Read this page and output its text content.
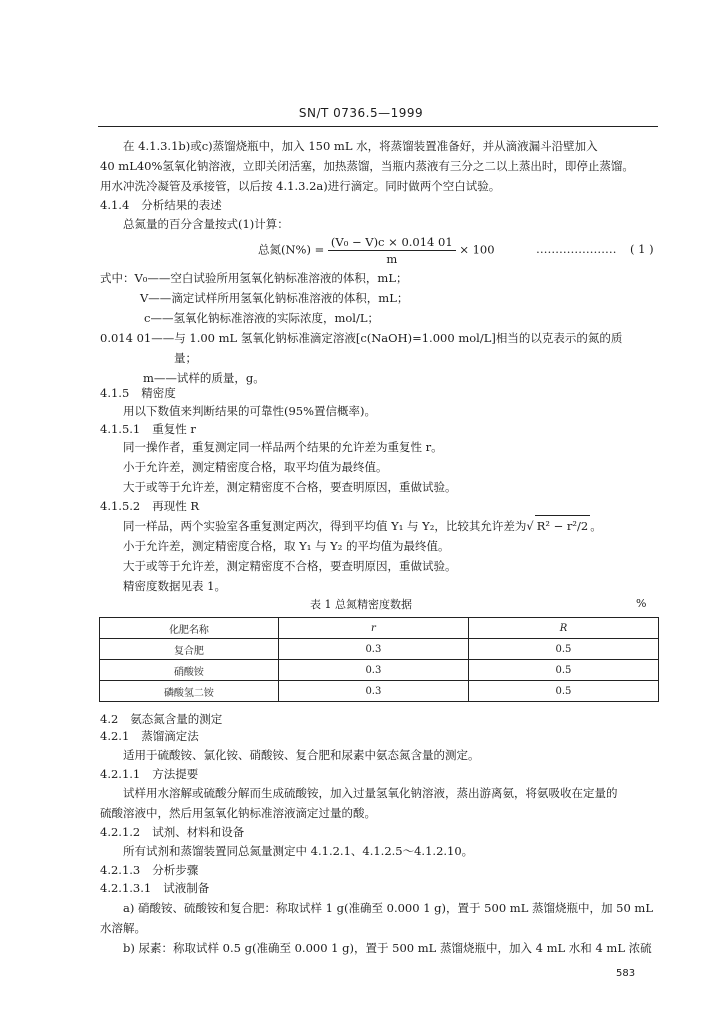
SN/T 0736.5—1999
在 4.1.3.1b)或c)蒸馏烧瓶中，加入 150 mL 水，将蒸馏装置准备好，并从滴液漏斗沿壁加入
40 mL40%氢氧化钠溶液，立即关闭活塞，加热蒸馏，当瓶内蒸液有三分之二以上蒸出时，即停止蒸馏。
用水冲洗冷凝管及承接管，以后按 4.1.3.2a)进行滴定。同时做两个空白试验。
4.1.4 分析结果的表述
总氮量的百分含量按式(1)计算：
总氮$(N\%) = \frac{\text{(V₀ − V)c × 0.014 01}}{m} \times 100$	………………… ( 1 )
式中：V₀——空白试验所用氢氧化钠标准溶液的体积，mL；
V——滴定试样所用氢氧化钠标准溶液的体积，mL；
c——氢氧化钠标准溶液的实际浓度，mol/L；
0.014 01——与 1.00 mL 氢氧化钠标准滴定溶液[c(NaOH)=1.000 mol/L]相当的以克表示的氮的质
量；
m——试样的质量，g。
4.1.5 精密度
用以下数值来判断结果的可靠性(95%置信概率)。
4.1.5.1 重复性 r
同一操作者，重复测定同一样品两个结果的允许差为重复性 r。
小于允许差，测定精密度合格，取平均值为最终值。
大于或等于允许差，测定精密度不合格，要查明原因，重做试验。
4.1.5.2 再现性 R
同一样品，两个实验室各重复测定两次，得到平均值 Y₁ 与 Y₂，比较其允许差为√ R² − r²/2 。
小于允许差，测定精密度合格，取 Y₁ 与 Y₂ 的平均值为最终值。
大于或等于允许差，测定精密度不合格，要查明原因，重做试验。
精密度数据见表 1。
表 1 总氮精密度数据	%
化肥名称	r	R
复合肥	0.3	0.5
硝酸铵	0.3	0.5
磷酸氢二铵	0.3	0.5
4.2 氨态氮含量的测定
4.2.1 蒸馏滴定法
适用于硫酸铵、氯化铵、硝酸铵、复合肥和尿素中氨态氮含量的测定。
4.2.1.1 方法提要
试样用水溶解或硫酸分解而生成硫酸铵，加入过量氢氧化钠溶液，蒸出游离氨，将氨吸收在定量的
硫酸溶液中，然后用氢氧化钠标准溶液滴定过量的酸。
4.2.1.2 试剂、材料和设备
所有试剂和蒸馏装置同总氮量测定中 4.1.2.1、4.1.2.5～4.1.2.10。
4.2.1.3 分析步骤
4.2.1.3.1 试液制备
a) 硝酸铵、硫酸铵和复合肥：称取试样 1 g(准确至 0.000 1 g)，置于 500 mL 蒸馏烧瓶中，加 50 mL
水溶解。
b) 尿素：称取试样 0.5 g(准确至 0.000 1 g)，置于 500 mL 蒸馏烧瓶中，加入 4 mL 水和 4 mL 浓硫
583
